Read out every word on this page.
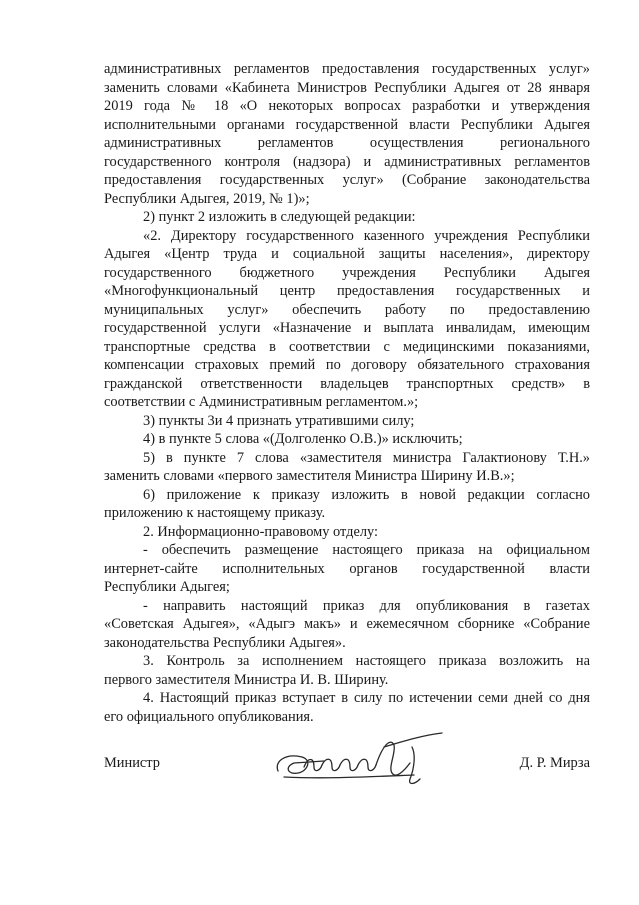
административных регламентов предоставления государственных услуг»
заменить словами «Кабинета Министров Республики Адыгея от 28 января
2019 года № 18 «О некоторых вопросах разработки и утверждения
исполнительными органами государственной власти Республики Адыгея
административных регламентов осуществления регионального
государственного контроля (надзора) и административных регламентов
предоставления государственных услуг» (Собрание законодательства
Республики Адыгея, 2019, № 1)»;
2) пункт 2 изложить в следующей редакции:
«2. Директору государственного казенного учреждения Республики
Адыгея «Центр труда и социальной защиты населения», директору
государственного бюджетного учреждения Республики Адыгея
«Многофункциональный центр предоставления государственных и
муниципальных услуг» обеспечить работу по предоставлению
государственной услуги «Назначение и выплата инвалидам, имеющим
транспортные средства в соответствии с медицинскими показаниями,
компенсации страховых премий по договору обязательного страхования
гражданской ответственности владельцев транспортных средств» в
соответствии с Административным регламентом.»;
3) пункты 3и 4 признать утратившими силу;
4) в пункте 5 слова «(Долголенко О.В.)» исключить;
5) в пункте 7 слова «заместителя министра Галактионову Т.Н.»
заменить словами «первого заместителя Министра Ширину И.В.»;
6) приложение к приказу изложить в новой редакции согласно
приложению к настоящему приказу.
2. Информационно-правовому отделу:
- обеспечить размещение настоящего приказа на официальном
интернет-сайте исполнительных органов государственной власти
Республики Адыгея;
- направить настоящий приказ для опубликования в газетах
«Советская Адыгея», «Адыгэ макъ» и ежемесячном сборнике «Собрание
законодательства Республики Адыгея».
3. Контроль за исполнением настоящего приказа возложить на
первого заместителя Министра И. В. Ширину.
4. Настоящий приказ вступает в силу по истечении семи дней со дня
его официального опубликования.
Министр	Д. Р. Мирза
